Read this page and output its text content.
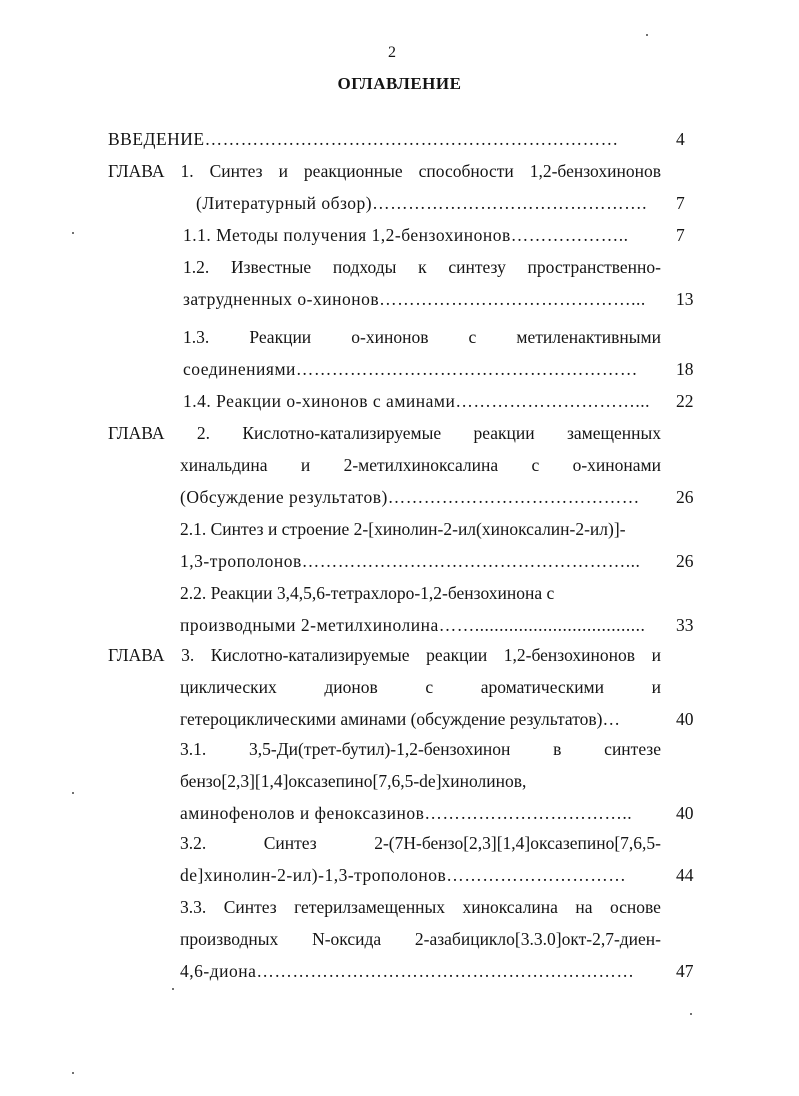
2
ОГЛАВЛЕНИЕ
ВВЕДЕНИЕ……………………………………………………………	4
ГЛАВА 1. Синтез и реакционные способности 1,2-бензохинонов
(Литературный обзор)………………………………………. 7
1.1. Методы получения 1,2-бензохинонов………………..	7
1.2. Известные подходы к синтезу пространственно-
затрудненных о-хинонов……………………………………... 13
1.3. Реакции о-хинонов с метиленактивными
соединениями………………………………………………… 18
1.4. Реакции о-хинонов с аминами…………………………... 22
ГЛАВА 2. Кислотно-катализируемые реакции замещенных
хинальдина и 2-метилхиноксалина с о-хинонами
(Обсуждение результатов)…………………………………… 26
2.1. Синтез и строение 2-[хинолин-2-ил(хиноксалин-2-ил)]-
1,3-трополонов………………………………………………... 26
2.2. Реакции 3,4,5,6-тетрахлоро-1,2-бензохинона с
производными 2-метилхинолина……................................... 33
ГЛАВА 3. Кислотно-катализируемые реакции 1,2-бензохинонов и
циклических	дионов	с	ароматическими	и
гетероциклическими аминами (обсуждение результатов)…	40
3.1. 3,5-Ди(трет-бутил)-1,2-бензохинон в синтезе
бензо[2,3][1,4]оксазепино[7,6,5-de]хинолинов,
аминофенолов и феноксазинов……………………………..	40
3.2.	Синтез	2-(7H-бензо[2,3][1,4]оксазепино[7,6,5-
de]хинолин-2-ил)-1,3-трополонов…………………………	44
3.3. Синтез гетерилзамещенных хиноксалина на основе
производных N-оксида 2-азабицикло[3.3.0]окт-2,7-диен-
4,6-диона……………………………………………………… 47
